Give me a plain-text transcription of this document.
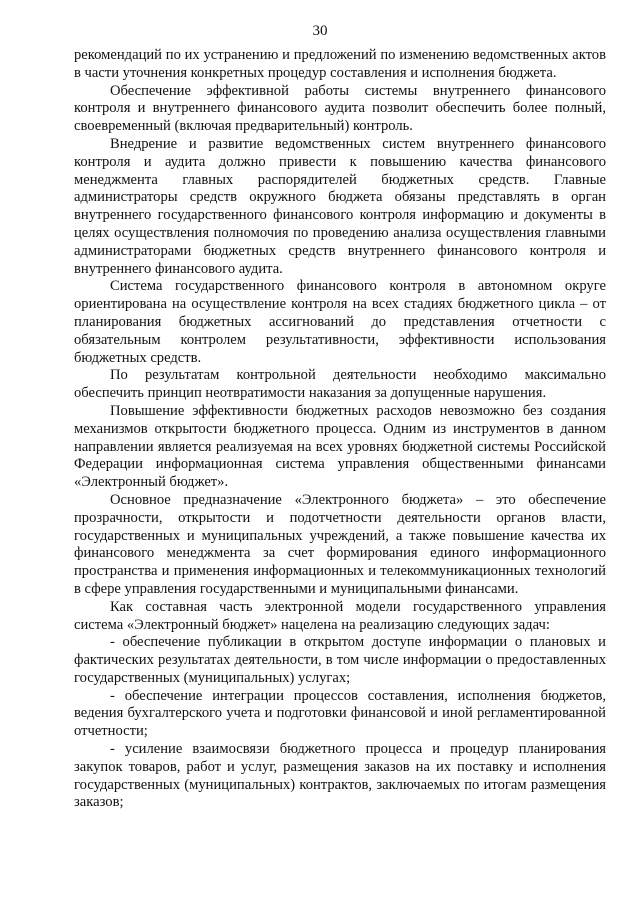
30

рекомендаций по их устранению и предложений по изменению ведомственных актов в части уточнения конкретных процедур составления и исполнения бюджета.

Обеспечение эффективной работы системы внутреннего финансового контроля и внутреннего финансового аудита позволит обеспечить более полный, своевременный (включая предварительный) контроль.

Внедрение и развитие ведомственных систем внутреннего финансового контроля и аудита должно привести к повышению качества финансового менеджмента главных распорядителей бюджетных средств. Главные администраторы средств окружного бюджета обязаны представлять в орган внутреннего государственного финансового контроля информацию и документы в целях осуществления полномочия по проведению анализа осуществления главными администраторами бюджетных средств внутреннего финансового контроля и внутреннего финансового аудита.

Система государственного финансового контроля в автономном округе ориентирована на осуществление контроля на всех стадиях бюджетного цикла – от планирования бюджетных ассигнований до представления отчетности с обязательным контролем результативности, эффективности использования бюджетных средств.

По результатам контрольной деятельности необходимо максимально обеспечить принцип неотвратимости наказания за допущенные нарушения.

Повышение эффективности бюджетных расходов невозможно без создания механизмов открытости бюджетного процесса. Одним из инструментов в данном направлении является реализуемая на всех уровнях бюджетной системы Российской Федерации информационная система управления общественными финансами «Электронный бюджет».

Основное предназначение «Электронного бюджета» – это обеспечение прозрачности, открытости и подотчетности деятельности органов власти, государственных и муниципальных учреждений, а также повышение качества их финансового менеджмента за счет формирования единого информационного пространства и применения информационных и телекоммуникационных технологий в сфере управления государственными и муниципальными финансами.

Как составная часть электронной модели государственного управления система «Электронный бюджет» нацелена на реализацию следующих задач:

- обеспечение публикации в открытом доступе информации о плановых и фактических результатах деятельности, в том числе информации о предоставленных государственных (муниципальных) услугах;

- обеспечение интеграции процессов составления, исполнения бюджетов, ведения бухгалтерского учета и подготовки финансовой и иной регламентированной отчетности;

- усиление взаимосвязи бюджетного процесса и процедур планирования закупок товаров, работ и услуг, размещения заказов на их поставку и исполнения государственных (муниципальных) контрактов, заключаемых по итогам размещения заказов;
